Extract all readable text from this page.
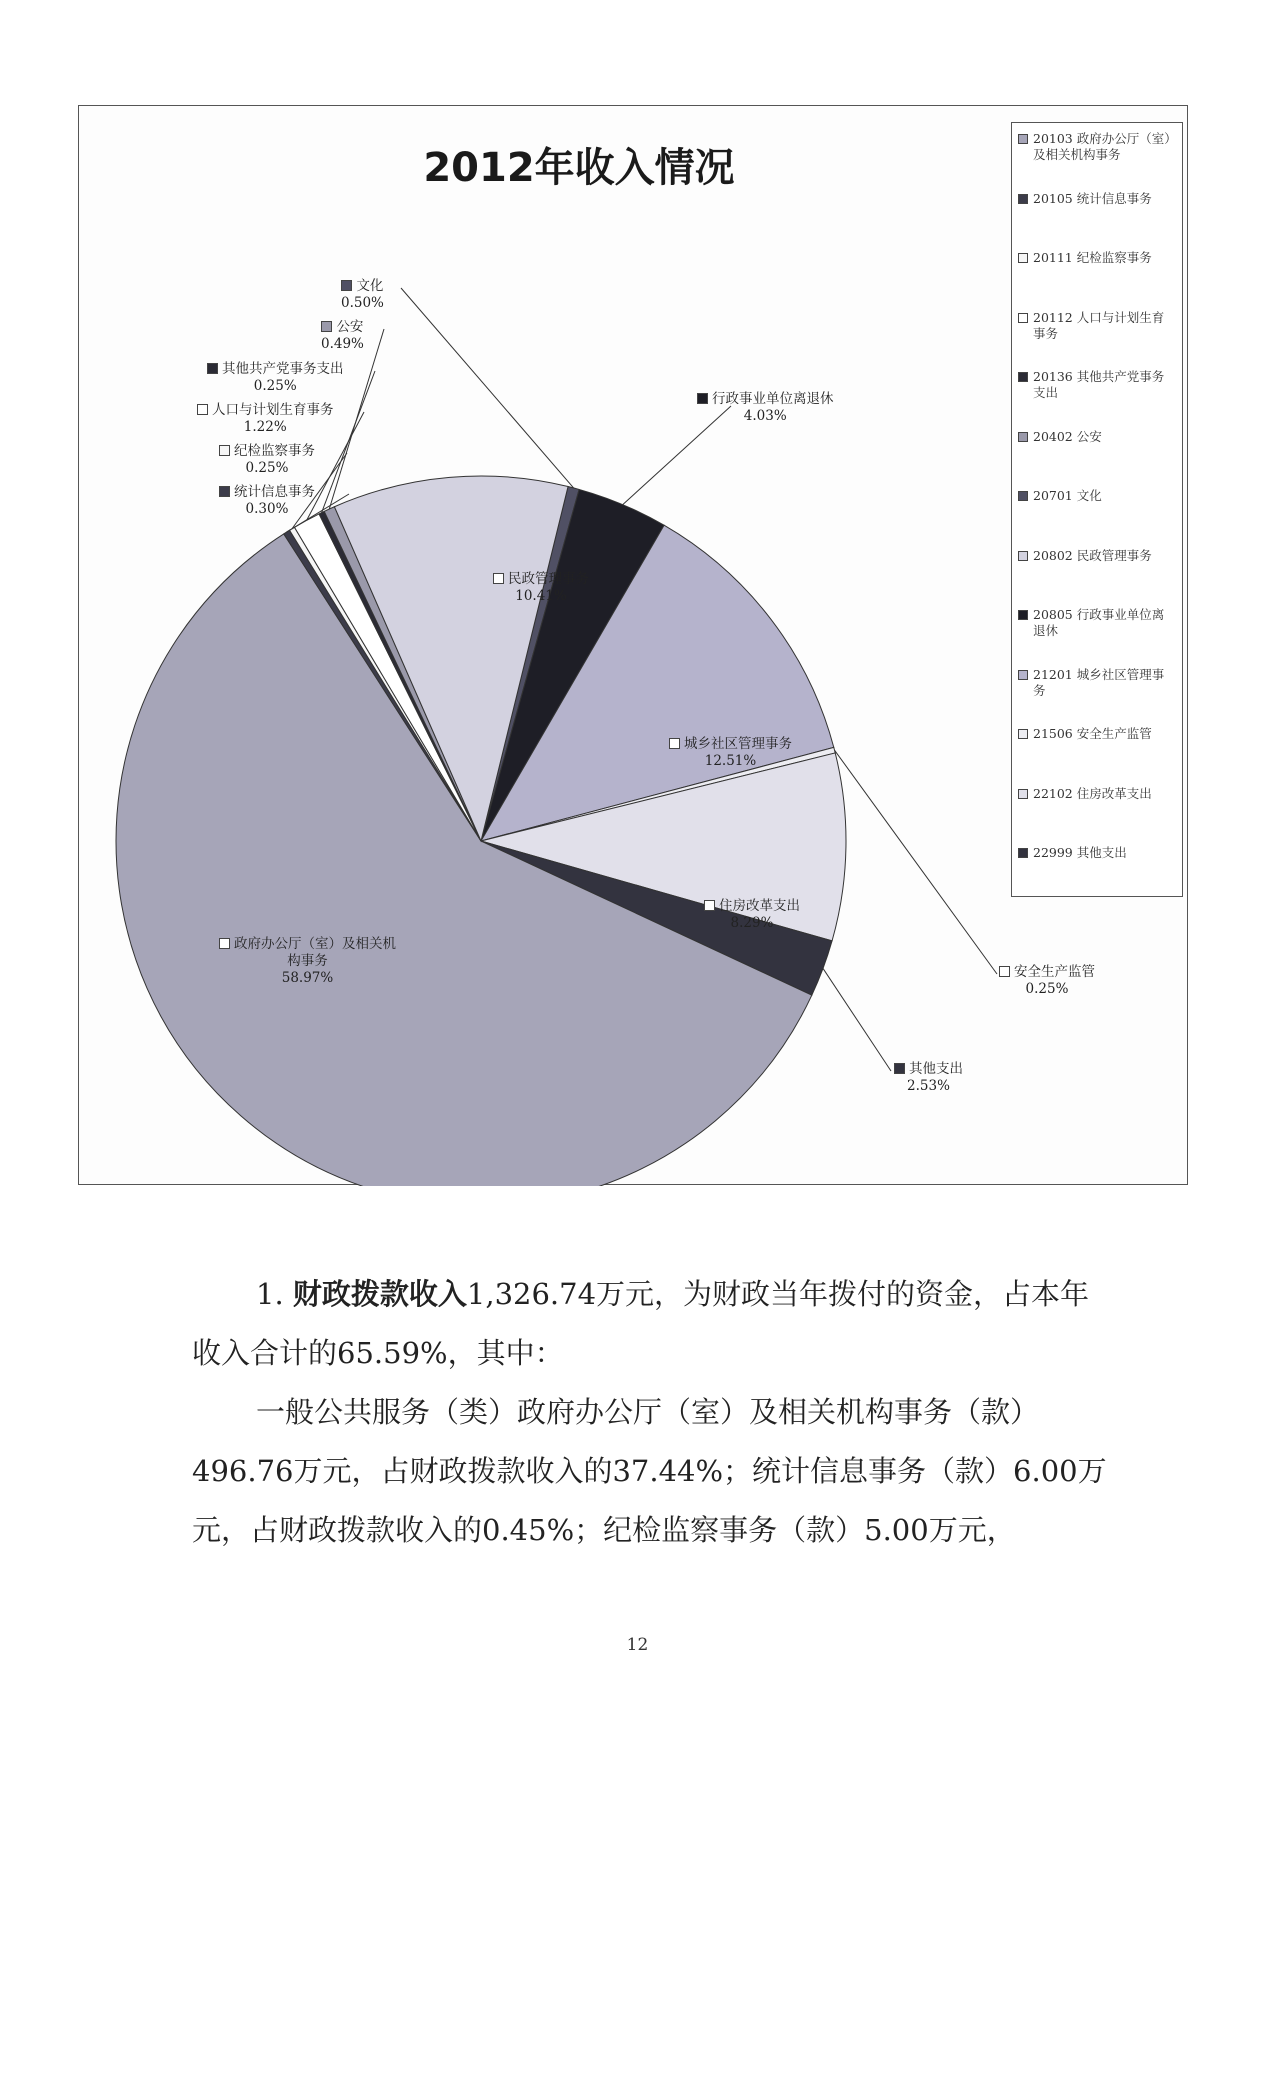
2012年收入情况
文化
0.50%
公安
0.49%
其他共产党事务支出
0.25%
人口与计划生育事务
1.22%
纪检监察事务
0.25%
统计信息事务
0.30%
行政事业单位离退休
4.03%
民政管理事务
10.41%
城乡社区管理事务
12.51%
住房改革支出
8.29%
政府办公厅（室）及相关机
构事务
58.97%	安全生产监管
0.25%
其他支出
2.53%
20103 政府办公厅（室）及相关机构事务
20105 统计信息事务
20111 纪检监察事务
20112 人口与计划生育事务
20136 其他共产党事务支出
20402 公安
20701 文化
20802 民政管理事务
20805 行政事业单位离退休
21201 城乡社区管理事务
21506 安全生产监管
22102 住房改革支出
22999 其他支出

1. 财政拨款收入1,326.74万元，为财政当年拨付的资金，占本年收入合计的65.59%，其中：

一般公共服务（类）政府办公厅（室）及相关机构事务（款）496.76万元，占财政拨款收入的37.44%；统计信息事务（款）6.00万元，占财政拨款收入的0.45%；纪检监察事务（款）5.00万元，

12
